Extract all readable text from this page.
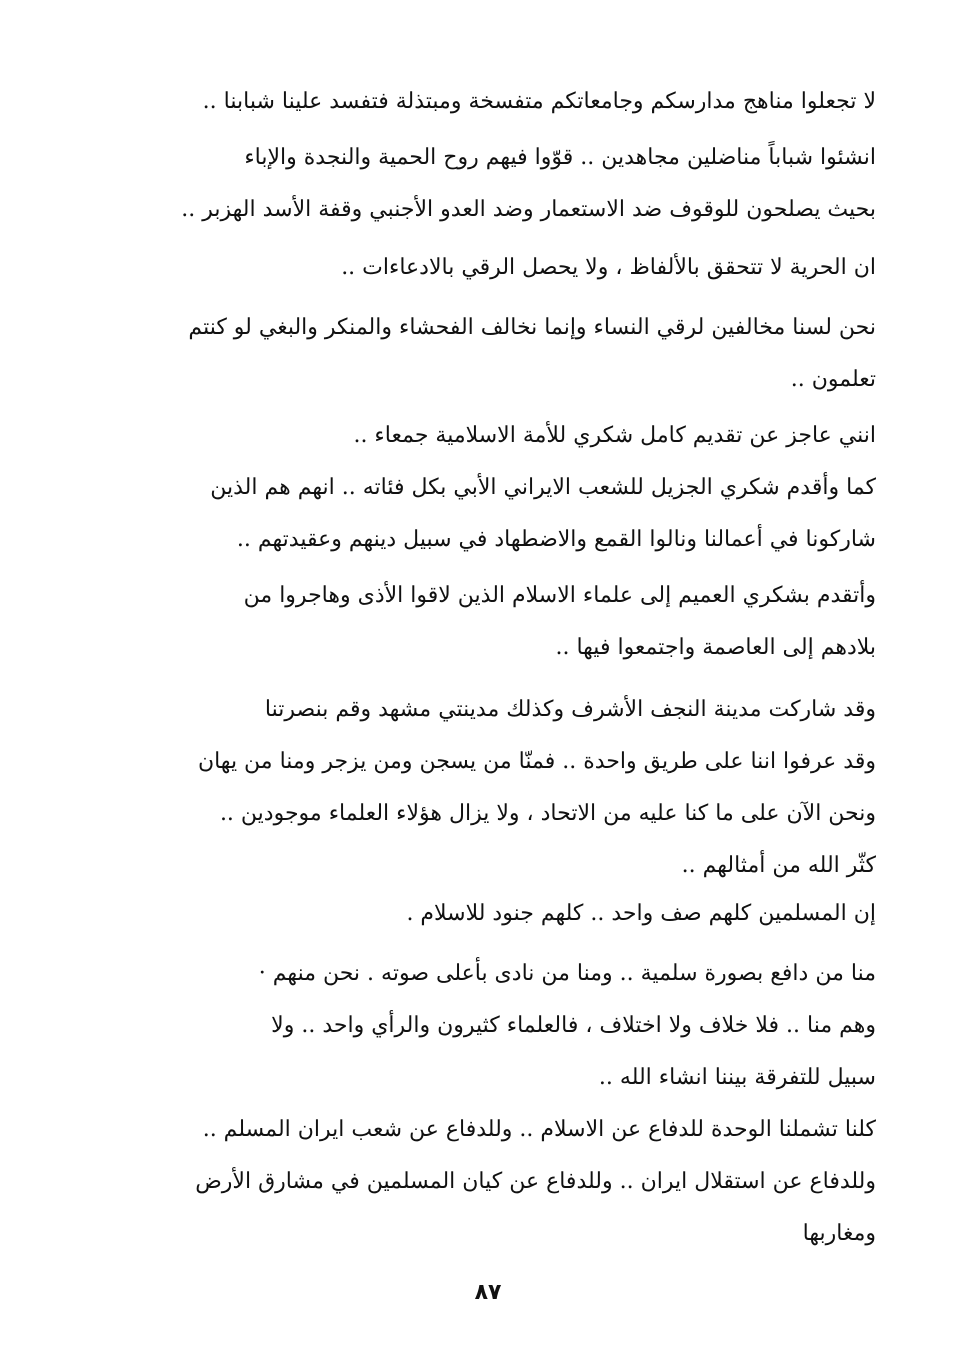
لا تجعلوا مناهج مدارسكم وجامعاتكم متفسخة ومبتذلة فتفسد علينا شبابنا ..
انشئوا شباباً مناضلين مجاهدين .. قوّوا فيهم روح الحمية والنجدة والإباء
بحيث يصلحون للوقوف ضد الاستعمار وضد العدو الأجنبي وقفة الأسد الهزبر ..
ان الحرية لا تتحقق بالألفاظ ، ولا يحصل الرقي بالادعاءات ..
نحن لسنا مخالفين لرقي النساء وإنما نخالف الفحشاء والمنكر والبغي لو كنتم
تعلمون ..
انني عاجز عن تقديم كامل شكري للأمة الاسلامية جمعاء ..
كما وأقدم شكري الجزيل للشعب الايراني الأبي بكل فئاته .. انهم هم الذين
شاركونا في أعمالنا ونالوا القمع والاضطهاد في سبيل دينهم وعقيدتهم ..
وأتقدم بشكري العميم إلى علماء الاسلام الذين لاقوا الأذى وهاجروا من
بلادهم إلى العاصمة واجتمعوا فيها ..
وقد شاركت مدينة النجف الأشرف وكذلك مدينتي مشهد وقم بنصرتنا
وقد عرفوا اننا على طريق واحدة .. فمنّا من يسجن ومن يزجر ومنا من يهان
ونحن الآن على ما كنا عليه من الاتحاد ، ولا يزال هؤلاء العلماء موجودين ..
كثّر الله من أمثالهم ..
إن المسلمين كلهم صف واحد .. كلهم جنود للاسلام .
منا من دافع بصورة سلمية .. ومنا من نادى بأعلى صوته . نحن منهم ·
وهم منا .. فلا خلاف ولا اختلاف ، فالعلماء كثيرون والرأي واحد .. ولا
سبيل للتفرقة بيننا انشاء الله ..
كلنا تشملنا الوحدة للدفاع عن الاسلام .. وللدفاع عن شعب ايران المسلم ..
وللدفاع عن استقلال ايران .. وللدفاع عن كيان المسلمين في مشارق الأرض
ومغاربها
٨٧
